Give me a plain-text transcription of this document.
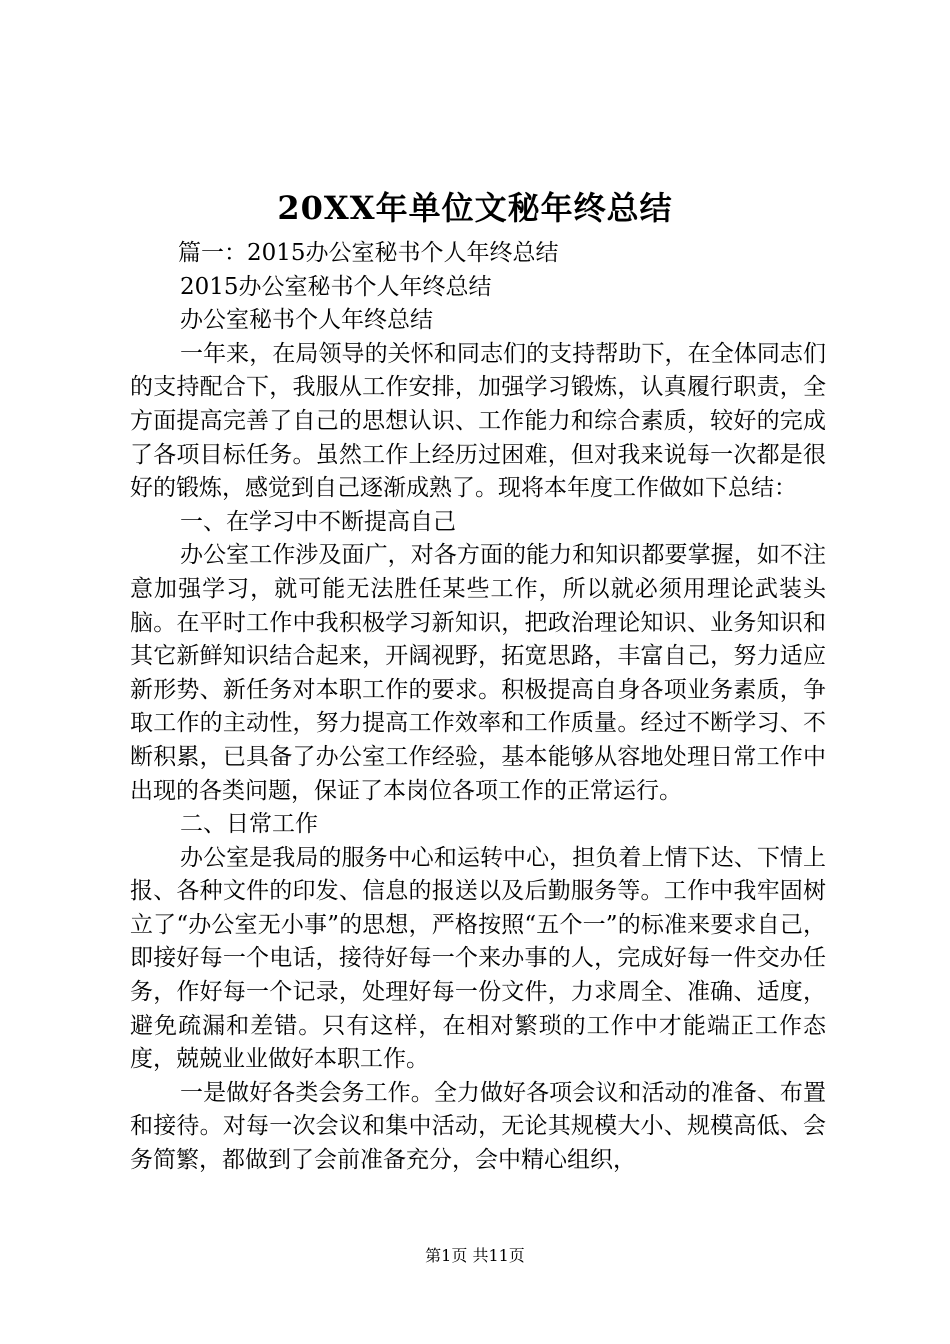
20XX年单位文秘年终总结

篇一：2015办公室秘书个人年终总结

2015办公室秘书个人年终总结

办公室秘书个人年终总结

一年来，在局领导的关怀和同志们的支持帮助下，在全体同志们的支持配合下，我服从工作安排，加强学习锻炼，认真履行职责，全方面提高完善了自己的思想认识、工作能力和综合素质，较好的完成了各项目标任务。虽然工作上经历过困难，但对我来说每一次都是很好的锻炼，感觉到自己逐渐成熟了。现将本年度工作做如下总结：

一、在学习中不断提高自己

办公室工作涉及面广，对各方面的能力和知识都要掌握，如不注意加强学习，就可能无法胜任某些工作，所以就必须用理论武装头脑。在平时工作中我积极学习新知识，把政治理论知识、业务知识和其它新鲜知识结合起来，开阔视野，拓宽思路，丰富自己，努力适应新形势、新任务对本职工作的要求。积极提高自身各项业务素质，争取工作的主动性，努力提高工作效率和工作质量。经过不断学习、不断积累，已具备了办公室工作经验，基本能够从容地处理日常工作中出现的各类问题，保证了本岗位各项工作的正常运行。

二、日常工作

办公室是我局的服务中心和运转中心，担负着上情下达、下情上报、各种文件的印发、信息的报送以及后勤服务等。工作中我牢固树立了“办公室无小事”的思想，严格按照“五个一”的标准来要求自己，即接好每一个电话，接待好每一个来办事的人，完成好每一件交办任务，作好每一个记录，处理好每一份文件，力求周全、准确、适度，避免疏漏和差错。只有这样，在相对繁琐的工作中才能端正工作态度，兢兢业业做好本职工作。

一是做好各类会务工作。全力做好各项会议和活动的准备、布置和接待。对每一次会议和集中活动，无论其规模大小、规模高低、会务简繁，都做到了会前准备充分，会中精心组织，

第1页 共11页
